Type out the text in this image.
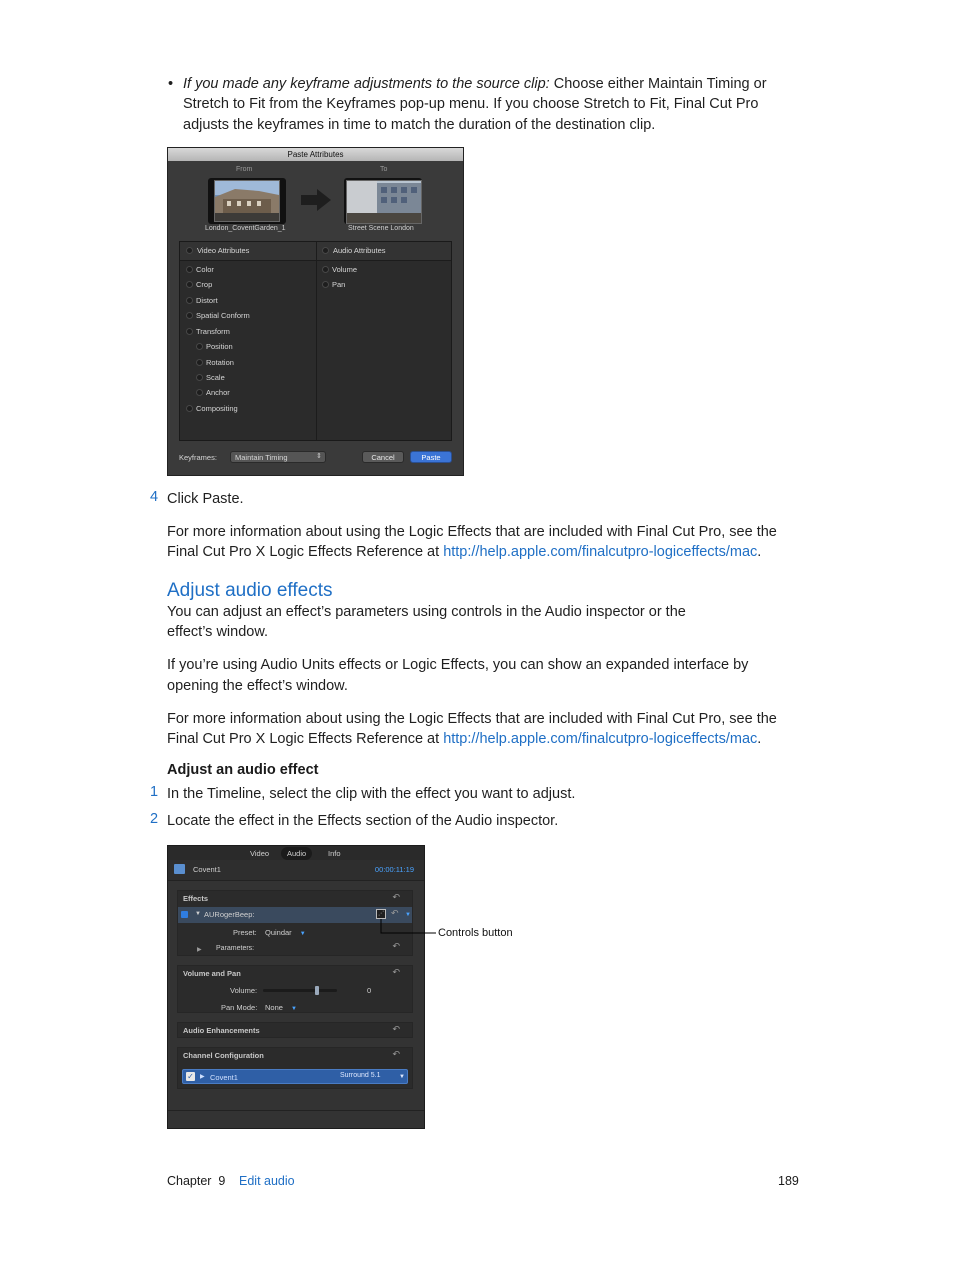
• If you made any keyframe adjustments to the source clip: Choose either Maintain Timing or
Stretch to Fit from the Keyframes pop-up menu. If you choose Stretch to Fit, Final Cut Pro
adjusts the keyframes in time to match the duration of the destination clip.
Paste Attributes
From	To
London_CoventGarden_1	Street Scene London
Video Attributes	Audio Attributes
Color
Crop
Distort
Spatial Conform
Transform
Position
Rotation
Scale
Anchor
Compositing
Volume
Pan
Keyframes: Maintain Timing	⇕	Cancel	Paste
4 Click Paste.
For more information about using the Logic Effects that are included with Final Cut Pro, see the
Final Cut Pro X Logic Effects Reference at http://help.apple.com/finalcutpro-logiceffects/mac.
Adjust audio effects
You can adjust an effect’s parameters using controls in the Audio inspector or the
effect’s window.
If you’re using Audio Units effects or Logic Effects, you can show an expanded interface by
opening the effect’s window.
For more information about using the Logic Effects that are included with Final Cut Pro, see the
Final Cut Pro X Logic Effects Reference at http://help.apple.com/finalcutpro-logiceffects/mac.
Adjust an audio effect
1 In the Timeline, select the clip with the effect you want to adjust.
2 Locate the effect in the Effects section of the Audio inspector.
Video	Audio	Info
Covent1	00:00:11:19
Effects	↶
▼ AURogerBeep:	⋰ ↶ ▼
Preset: Quindar ▼
▶ Parameters:	↶
Volume and Pan	↶
Volume:	0
Pan Mode: None ▼
Audio Enhancements	↶
Channel Configuration	↶
✓ ▶ Covent1	Surround 5.1	▼
Controls button
Chapter  9 Edit audio	189
